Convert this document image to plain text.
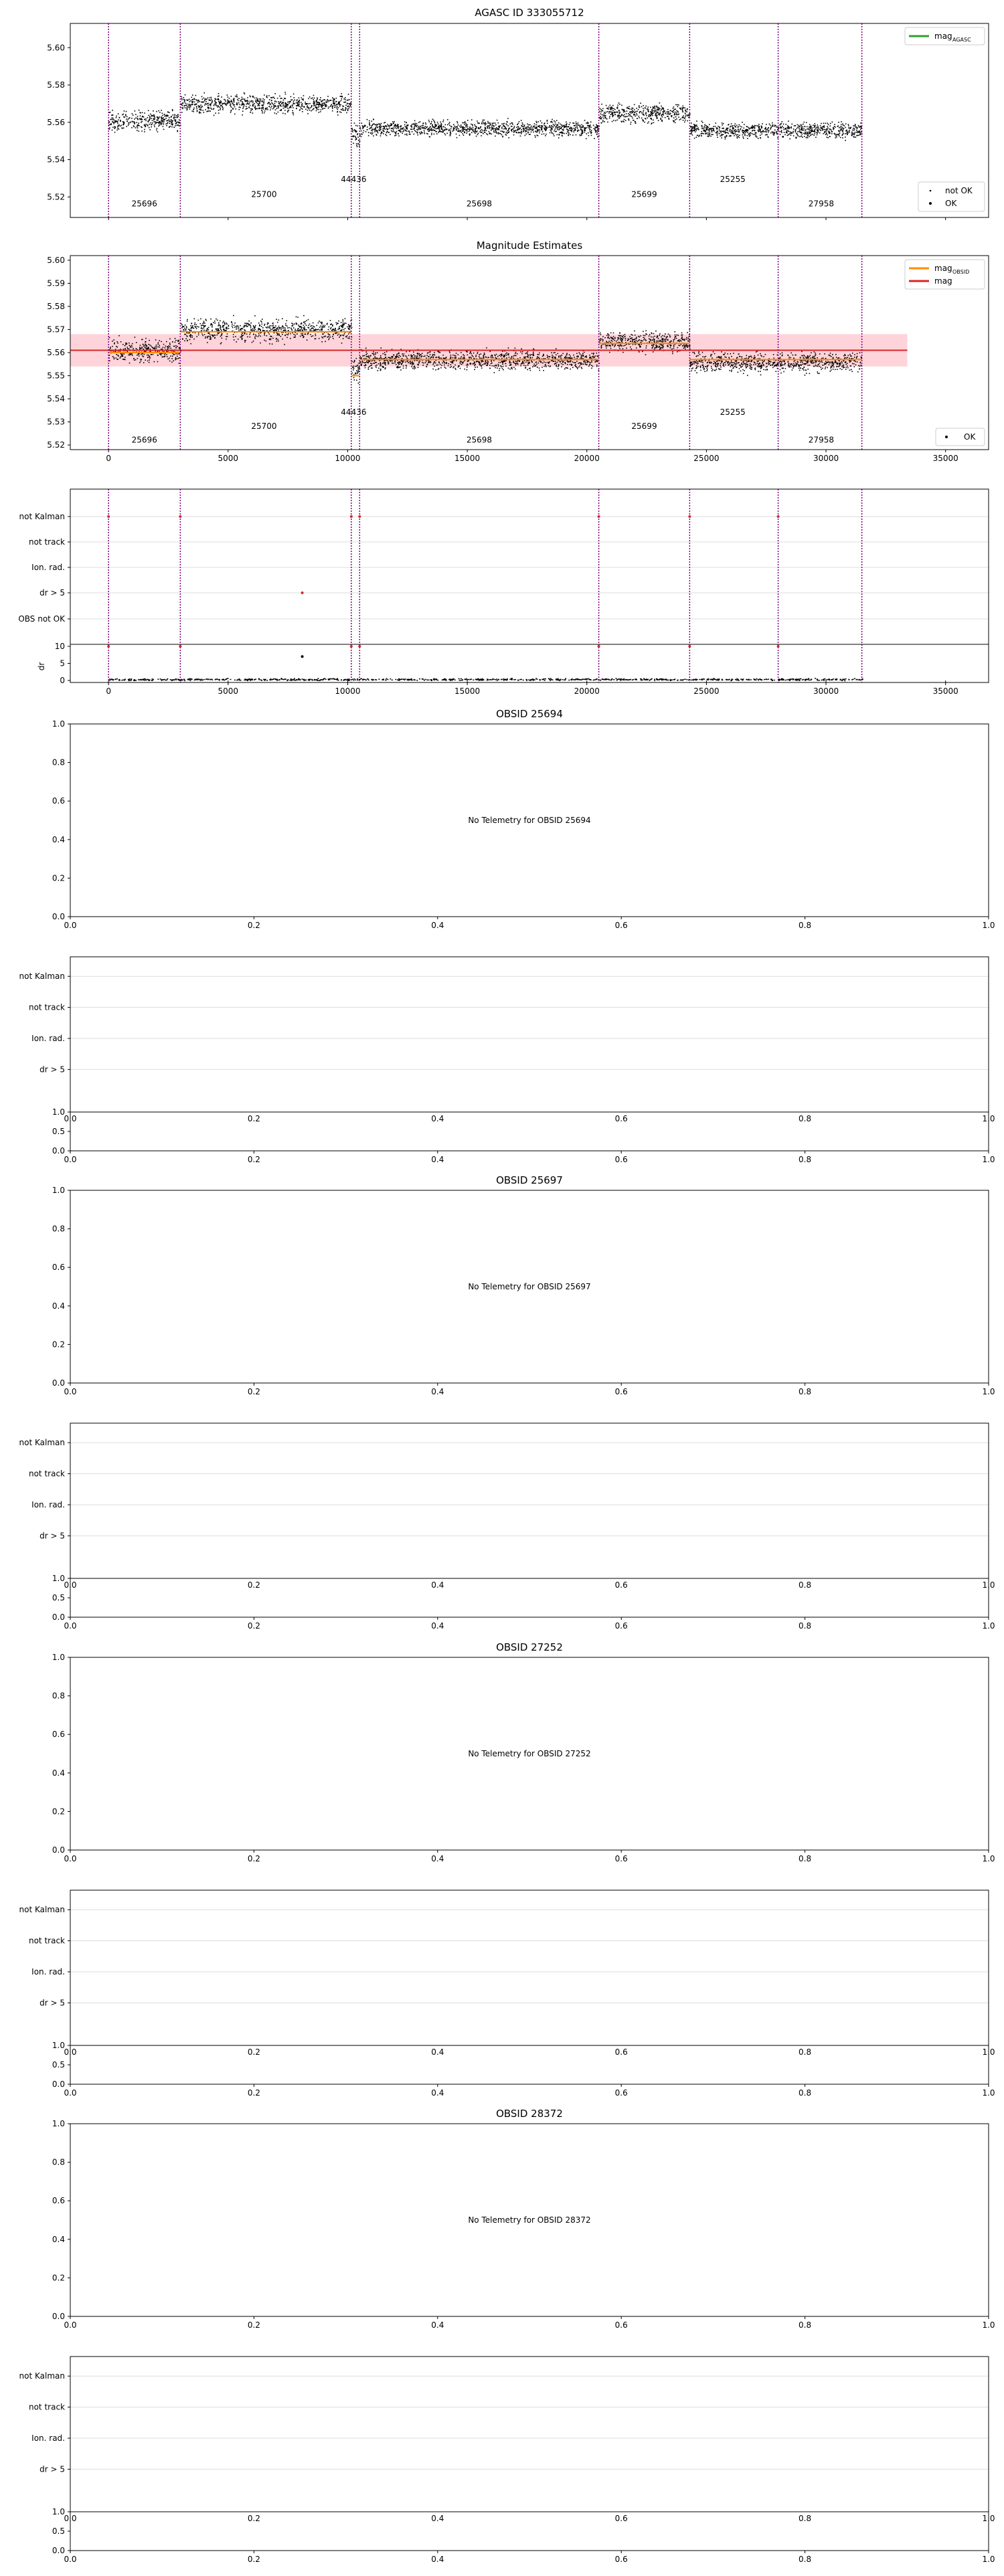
AGASC ID 333055712
25696
25700
44436
25698
25699
25255
27958
5.52
5.54
5.56
5.58
5.60
mag AGASC
not OK
OK
Magnitude Estimates
25696
25700
44436
25698
25699
25255
27958
5.52
5.53
5.54
5.55
5.56
5.57
5.58
5.59
5.60
0	5000	10000	15000	20000	25000	30000	35000
mag OBSID
mag
OK
not Kalman
not track
Ion. rad.
dr > 5
OBS not OK
0
5
10
dr
0	5000	10000	15000	20000	25000	30000	35000
OBSID 25694
0.0
0.2
0.4
0.6
0.8
1.0
0.0	0.2	0.4	0.6	0.8	1.0
No Telemetry for OBSID 25694
not Kalman
not track
Ion. rad.
dr > 5
0.0	0.2	0.4	0.6	0.8	1.0
0.0
0.5
1.0
0.0	0.2	0.4	0.6	0.8	1.0
OBSID 25697
0.0
0.2
0.4
0.6
0.8
1.0
0.0	0.2	0.4	0.6	0.8	1.0
No Telemetry for OBSID 25697
not Kalman
not track
Ion. rad.
dr > 5
0.0	0.2	0.4	0.6	0.8	1.0
0.0
0.5
1.0
0.0	0.2	0.4	0.6	0.8	1.0
OBSID 27252
0.0
0.2
0.4
0.6
0.8
1.0
0.0	0.2	0.4	0.6	0.8	1.0
No Telemetry for OBSID 27252
not Kalman
not track
Ion. rad.
dr > 5
0.0	0.2	0.4	0.6	0.8	1.0
0.0
0.5
1.0
0.0	0.2	0.4	0.6	0.8	1.0
OBSID 28372
0.0
0.2
0.4
0.6
0.8
1.0
0.0	0.2	0.4	0.6	0.8	1.0
No Telemetry for OBSID 28372
not Kalman
not track
Ion. rad.
dr > 5
0.0	0.2	0.4	0.6	0.8	1.0
0.0
0.5
1.0
0.0	0.2	0.4	0.6	0.8	1.0
